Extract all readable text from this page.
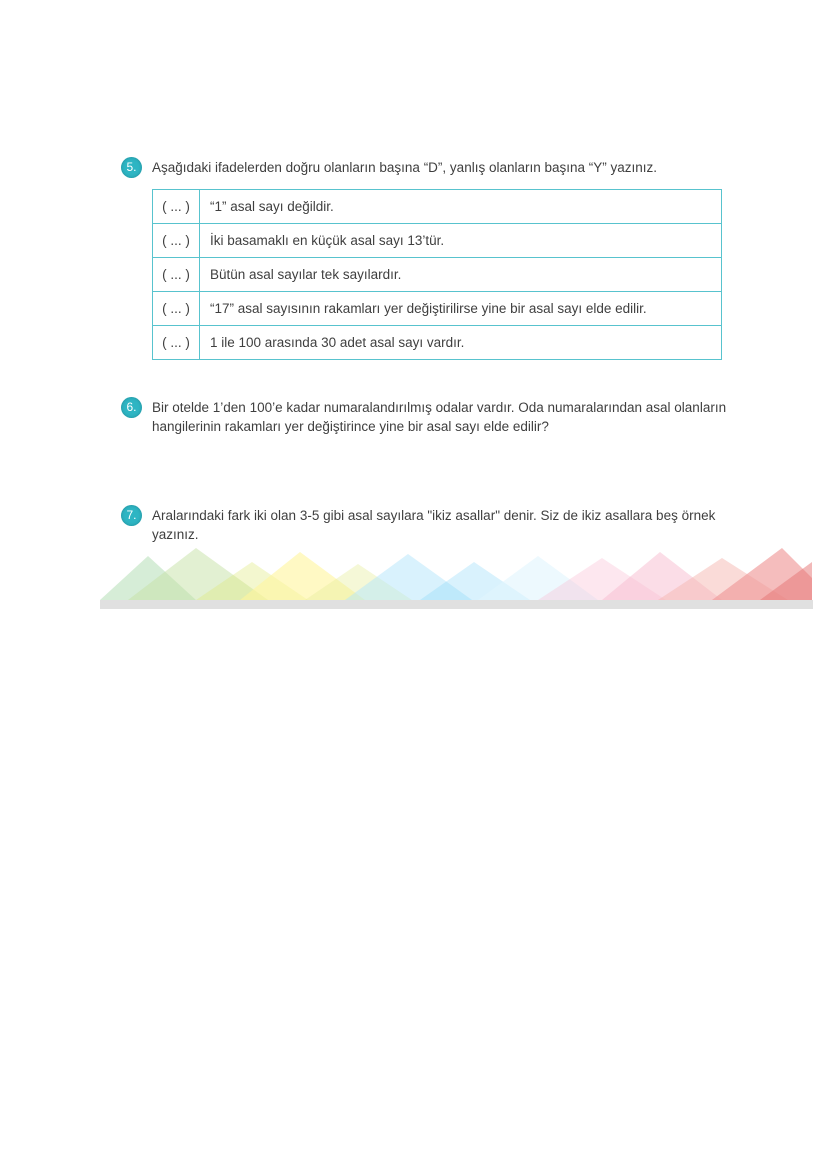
5.	Aşağıdaki ifadelerden doğru olanların başına “D”, yanlış olanların başına “Y” yazınız.

( ... )	“1” asal sayı değildir.
( ... )	İki basamaklı en küçük asal sayı 13’tür.
( ... )	Bütün asal sayılar tek sayılardır.
( ... )	“17” asal sayısının rakamları yer değiştirilirse yine bir asal sayı elde edilir.
( ... )	1 ile 100 arasında 30 adet asal sayı vardır.
6.	Bir otelde 1’den 100’e kadar numaralandırılmış odalar vardır. Oda numaralarından asal olanların hangilerinin rakamları yer değiştirince yine bir asal sayı elde edilir?

7.	Aralarındaki fark iki olan 3-5 gibi asal sayılara "ikiz asallar" denir. Siz de ikiz asallara beş örnek yazınız.
